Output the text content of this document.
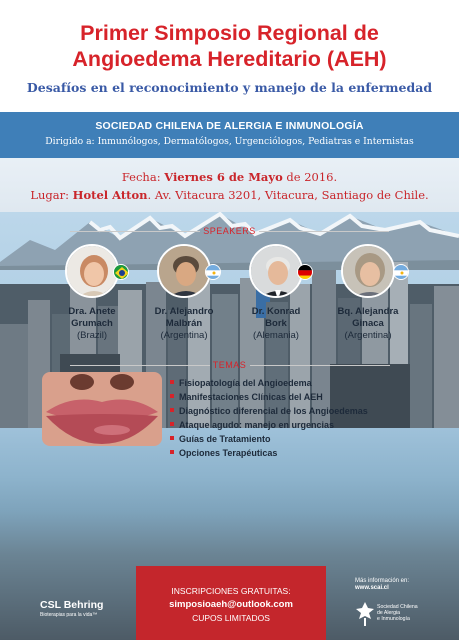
Primer Simposio Regional de
Angioedema Hereditario (AEH)
Desafíos en el reconocimiento y manejo de la enfermedad
SOCIEDAD CHILENA DE ALERGIA E INMUNOLOGÍA
Dirigido a: Inmunólogos, Dermatólogos, Urgenciólogos, Pediatras e Internistas
Fecha: Viernes 6 de Mayo de 2016.
Lugar: Hotel Atton. Av. Vitacura 3201, Vitacura, Santiago de Chile.
SPEAKERS
Dra. Anete
Grumach
(Brazil)
Dr. Alejandro
Malbrán
(Argentina)
Dr. Konrad
Bork
(Alemania)
Bq. Alejandra
Ginaca
(Argentina)
TEMAS
Fisiopatología del Angioedema
Manifestaciones Clínicas del AEH
Diagnóstico diferencial de los Angioedemas
Ataque agudo: manejo en urgencias
Guías de Tratamiento
Opciones Terapéuticas
INSCRIPCIONES GRATUITAS:
simposioaeh@outlook.com
CUPOS LIMITADOS
CSL Behring
Bioterapias para la vida™
Más información en:
www.scai.cl
Sociedad Chilena
de Alergia
e Inmunología
